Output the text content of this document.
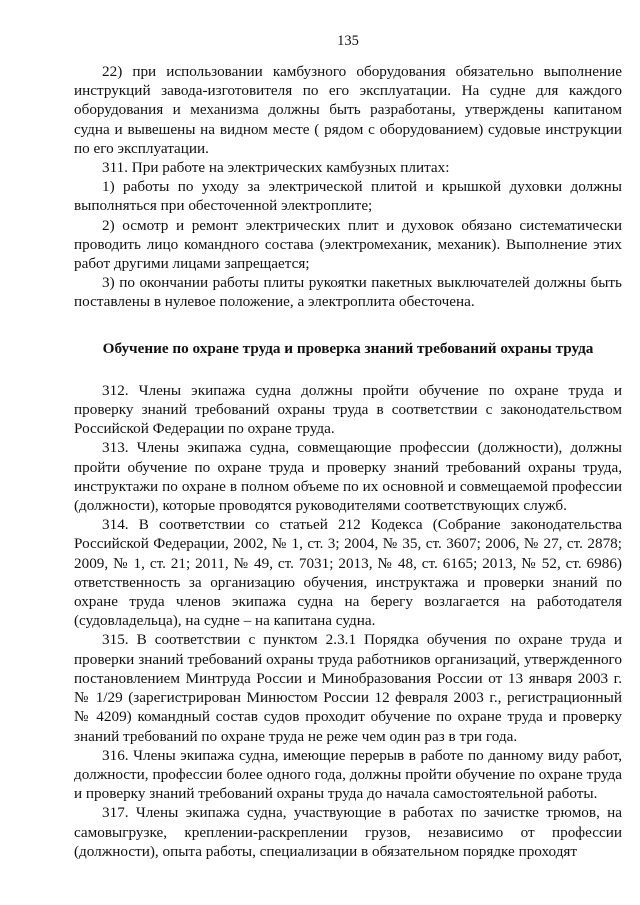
135

22) при использовании камбузного оборудования обязательно выполнение инструкций завода-изготовителя по его эксплуатации. На судне для каждого оборудования и механизма должны быть разработаны, утверждены капитаном судна и вывешены на видном месте ( рядом с оборудованием) судовые инструкции по его эксплуатации.

311. При работе на электрических камбузных плитах:

1) работы по уходу за электрической плитой и крышкой духовки должны выполняться при обесточенной электроплите;

2) осмотр и ремонт электрических плит и духовок обязано систематически проводить лицо командного состава (электромеханик, механик). Выполнение этих работ другими лицами запрещается;

3) по окончании работы плиты рукоятки пакетных выключателей должны быть поставлены в нулевое положение, а электроплита обесточена.

Обучение по охране труда и проверка знаний требований охраны труда

312. Члены экипажа судна должны пройти обучение по охране труда и проверку знаний требований охраны труда в соответствии с законодательством Российской Федерации по охране труда.

313. Члены экипажа судна, совмещающие профессии (должности), должны пройти обучение по охране труда и проверку знаний требований охраны труда, инструктажи по охране в полном объеме по их основной и совмещаемой профессии (должности), которые проводятся руководителями соответствующих служб.

314. В соответствии со статьей 212 Кодекса (Собрание законодательства Российской Федерации, 2002, № 1, ст. 3; 2004, № 35, ст. 3607; 2006, № 27, ст. 2878; 2009, № 1, ст. 21; 2011, № 49, ст. 7031; 2013, № 48, ст. 6165; 2013, № 52, ст. 6986) ответственность за организацию обучения, инструктажа и проверки знаний по охране труда членов экипажа судна на берегу возлагается на работодателя (судовладельца), на судне – на капитана судна.

315. В соответствии с пунктом 2.3.1 Порядка обучения по охране труда и проверки знаний требований охраны труда работников организаций, утвержденного постановлением Минтруда России и Минобразования России от 13 января 2003 г. № 1/29 (зарегистрирован Минюстом России 12 февраля 2003 г., регистрационный № 4209) командный состав судов проходит обучение по охране труда и проверку знаний требований по охране труда не реже чем один раз в три года.

316. Члены экипажа судна, имеющие перерыв в работе по данному виду работ, должности, профессии более одного года, должны пройти обучение по охране труда и проверку знаний требований охраны труда до начала самостоятельной работы.

317. Члены экипажа судна, участвующие в работах по зачистке трюмов, на самовыгрузке, креплении-раскреплении грузов, независимо от профессии (должности), опыта работы, специализации в обязательном порядке проходят
